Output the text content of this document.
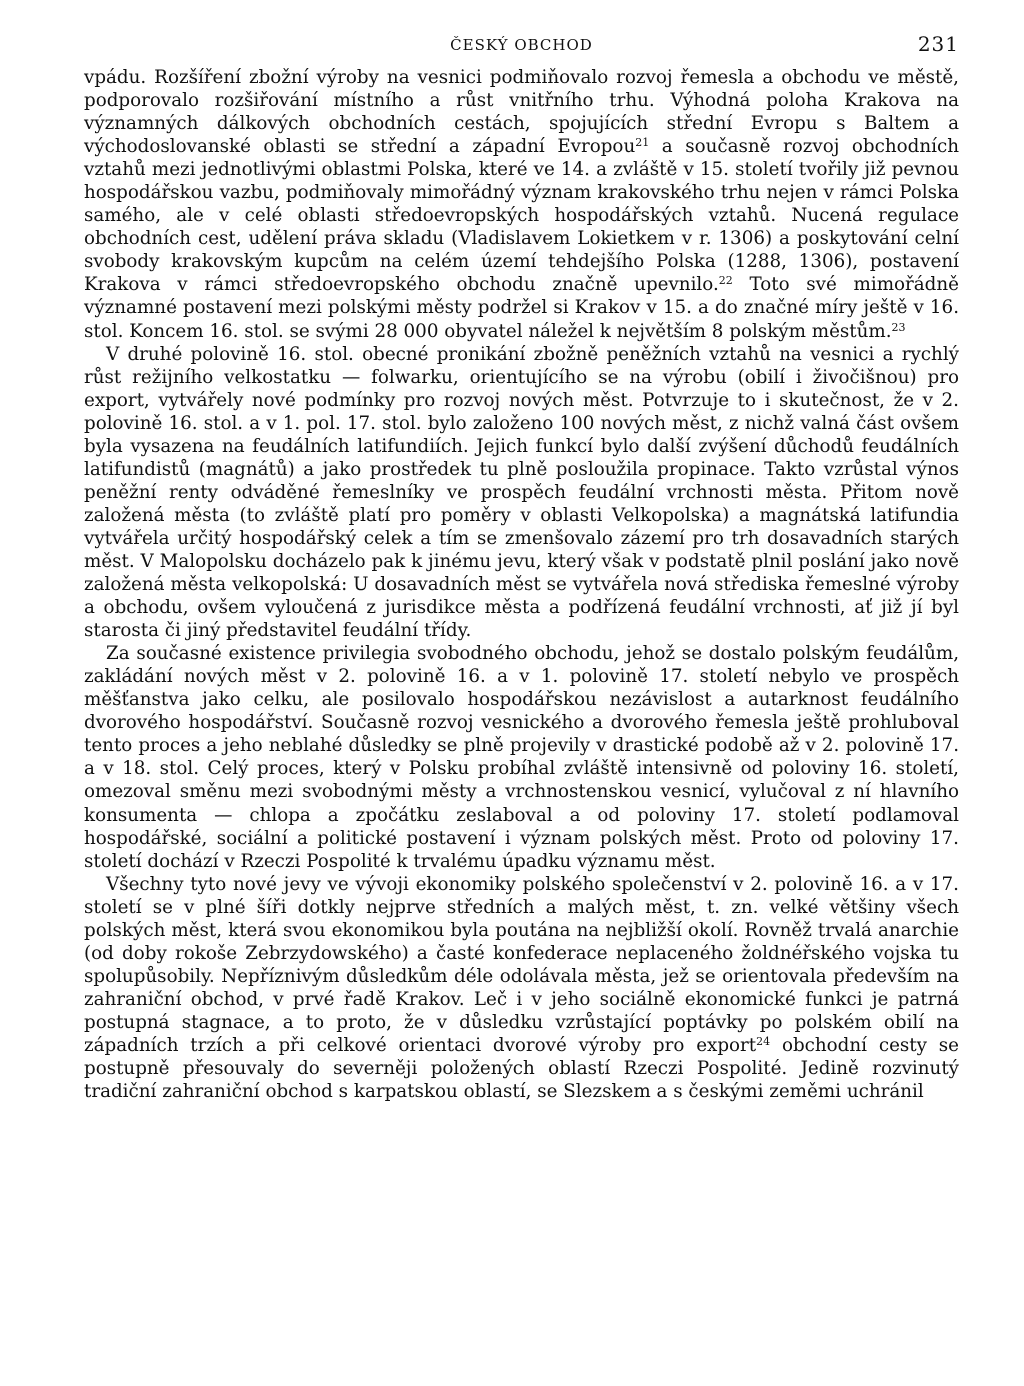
ČESKÝ OBCHOD	231

vpádu. Rozšíření zbožní výroby na vesnici podmiňovalo rozvoj řemesla a obchodu ve městě, podporovalo rozšiřování místního a růst vnitřního trhu. Výhodná poloha Krakova na významných dálkových obchodních cestách, spojujících střední Evropu s Baltem a východoslovanské oblasti se střední a západní Evropou$^{21}$ a současně rozvoj obchodních vztahů mezi jednotlivými oblastmi Polska, které ve 14. a zvláště v 15. století tvořily již pevnou hospodářskou vazbu, podmiňovaly mimořádný význam krakovského trhu nejen v rámci Polska samého, ale v celé oblasti středoevropských hospodářských vztahů. Nucená regulace obchodních cest, udělení práva skladu (Vladislavem Lokietkem v r. 1306) a poskytování celní svobody krakovským kupcům na celém území tehdejšího Polska (1288, 1306), postavení Krakova v rámci středoevropského obchodu značně upevnilo.$^{22}$ Toto své mimořádně významné postavení mezi polskými městy podržel si Krakov v 15. a do značné míry ještě v 16. stol. Koncem 16. stol. se svými 28 000 obyvatel náležel k největším 8 polským městům.$^{23}$

V druhé polovině 16. stol. obecné pronikání zbožně peněžních vztahů na vesnici a rychlý růst režijního velkostatku — folwarku, orientujícího se na výrobu (obilí i živočišnou) pro export, vytvářely nové podmínky pro rozvoj nových měst. Potvrzuje to i skutečnost, že v 2. polovině 16. stol. a v 1. pol. 17. stol. bylo založeno 100 nových měst, z nichž valná část ovšem byla vysazena na feudálních latifundiích. Jejich funkcí bylo další zvýšení důchodů feudálních latifundistů (magnátů) a jako prostředek tu plně posloužila propinace. Takto vzrůstal výnos peněžní renty odváděné řemeslníky ve prospěch feudální vrchnosti města. Přitom nově založená města (to zvláště platí pro poměry v oblasti Velkopolska) a magnátská latifundia vytvářela určitý hospodářský celek a tím se zmenšovalo zázemí pro trh dosavadních starých měst. V Malopolsku docházelo pak k jinému jevu, který však v podstatě plnil poslání jako nově založená města velkopolská: U dosavadních měst se vytvářela nová střediska řemeslné výroby a obchodu, ovšem vyloučená z jurisdikce města a podřízená feudální vrchnosti, ať již jí byl starosta či jiný představitel feudální třídy.

Za současné existence privilegia svobodného obchodu, jehož se dostalo polským feudálům, zakládání nových měst v 2. polovině 16. a v 1. polovině 17. století nebylo ve prospěch měšťanstva jako celku, ale posilovalo hospodářskou nezávislost a autarknost feudálního dvorového hospodářství. Současně rozvoj vesnického a dvorového řemesla ještě prohluboval tento proces a jeho neblahé důsledky se plně projevily v drastické podobě až v 2. polovině 17. a v 18. stol. Celý proces, který v Polsku probíhal zvláště intensivně od poloviny 16. století, omezoval směnu mezi svobodnými městy a vrchnostenskou vesnicí, vylučoval z ní hlavního konsumenta — chlopa a zpočátku zeslaboval a od poloviny 17. století podlamoval hospodářské, sociální a politické postavení i význam polských měst. Proto od poloviny 17. století dochází v Rzeczi Pospolité k trvalému úpadku významu měst.

Všechny tyto nové jevy ve vývoji ekonomiky polského společenství v 2. polovině 16. a v 17. století se v plné šíři dotkly nejprve středních a malých měst, t. zn. velké většiny všech polských měst, která svou ekonomikou byla poutána na nejbližší okolí. Rovněž trvalá anarchie (od doby rokoše Zebrzydowského) a časté konfederace neplaceného žoldnéřského vojska tu spolupůsobily. Nepříznivým důsledkům déle odolávala města, jež se orientovala především na zahraniční obchod, v prvé řadě Krakov. Leč i v jeho sociálně ekonomické funkci je patrná postupná stagnace, a to proto, že v důsledku vzrůstající poptávky po polském obilí na západních trzích a při celkové orientaci dvorové výroby pro export$^{24}$ obchodní cesty se postupně přesouvaly do severněji položených oblastí Rzeczi Pospolité. Jedině rozvinutý tradiční zahraniční obchod s karpatskou oblastí, se Slezskem a s českými zeměmi uchránil
